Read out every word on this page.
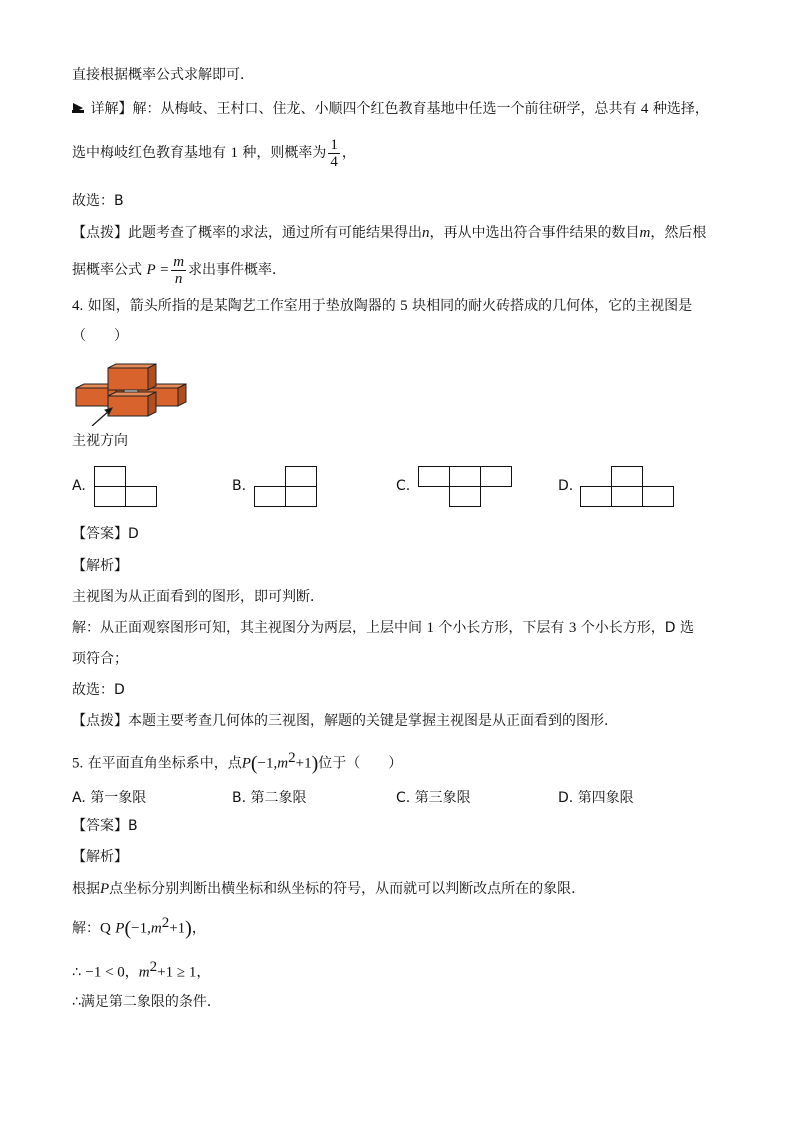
直接根据概率公式求解即可．
详解】解：从梅岐、王村口、住龙、小顺四个红色教育基地中任选一个前往研学，总共有 4 种选择，
选中梅岐红色教育基地有 1 种，则概率为 $\frac{1}{4}$ ，
故选：B
【点拨】此题考查了概率的求法，通过所有可能结果得出n，再从中选出符合事件结果的数目m，然后根
据概率公式 $P = \frac{m}{n}$ 求出事件概率．
4. 如图，箭头所指的是某陶艺工作室用于垫放陶器的 5 块相同的耐火砖搭成的几何体，它的主视图是
（　　）
主视方向
A.	B.	C.	D.
【答案】D
【解析】
主视图为从正面看到的图形，即可判断．
解：从正面观察图形可知，其主视图分为两层，上层中间 1 个小长方形，下层有 3 个小长方形，D 选
项符合；
故选：D
【点拨】本题主要考查几何体的三视图，解题的关键是掌握主视图是从正面看到的图形．
5. 在平面直角坐标系中，点$P(-1,m^2+1)$位于（　　）
A. 第一象限	B. 第二象限	C. 第三象限	D. 第四象限
【答案】B
【解析】
根据P点坐标分别判断出横坐标和纵坐标的符号，从而就可以判断改点所在的象限．
解：Q $P(-1,m^2+1)$，
∴ −1 < 0，$m^2+1 \ge 1$，
∴满足第二象限的条件．
